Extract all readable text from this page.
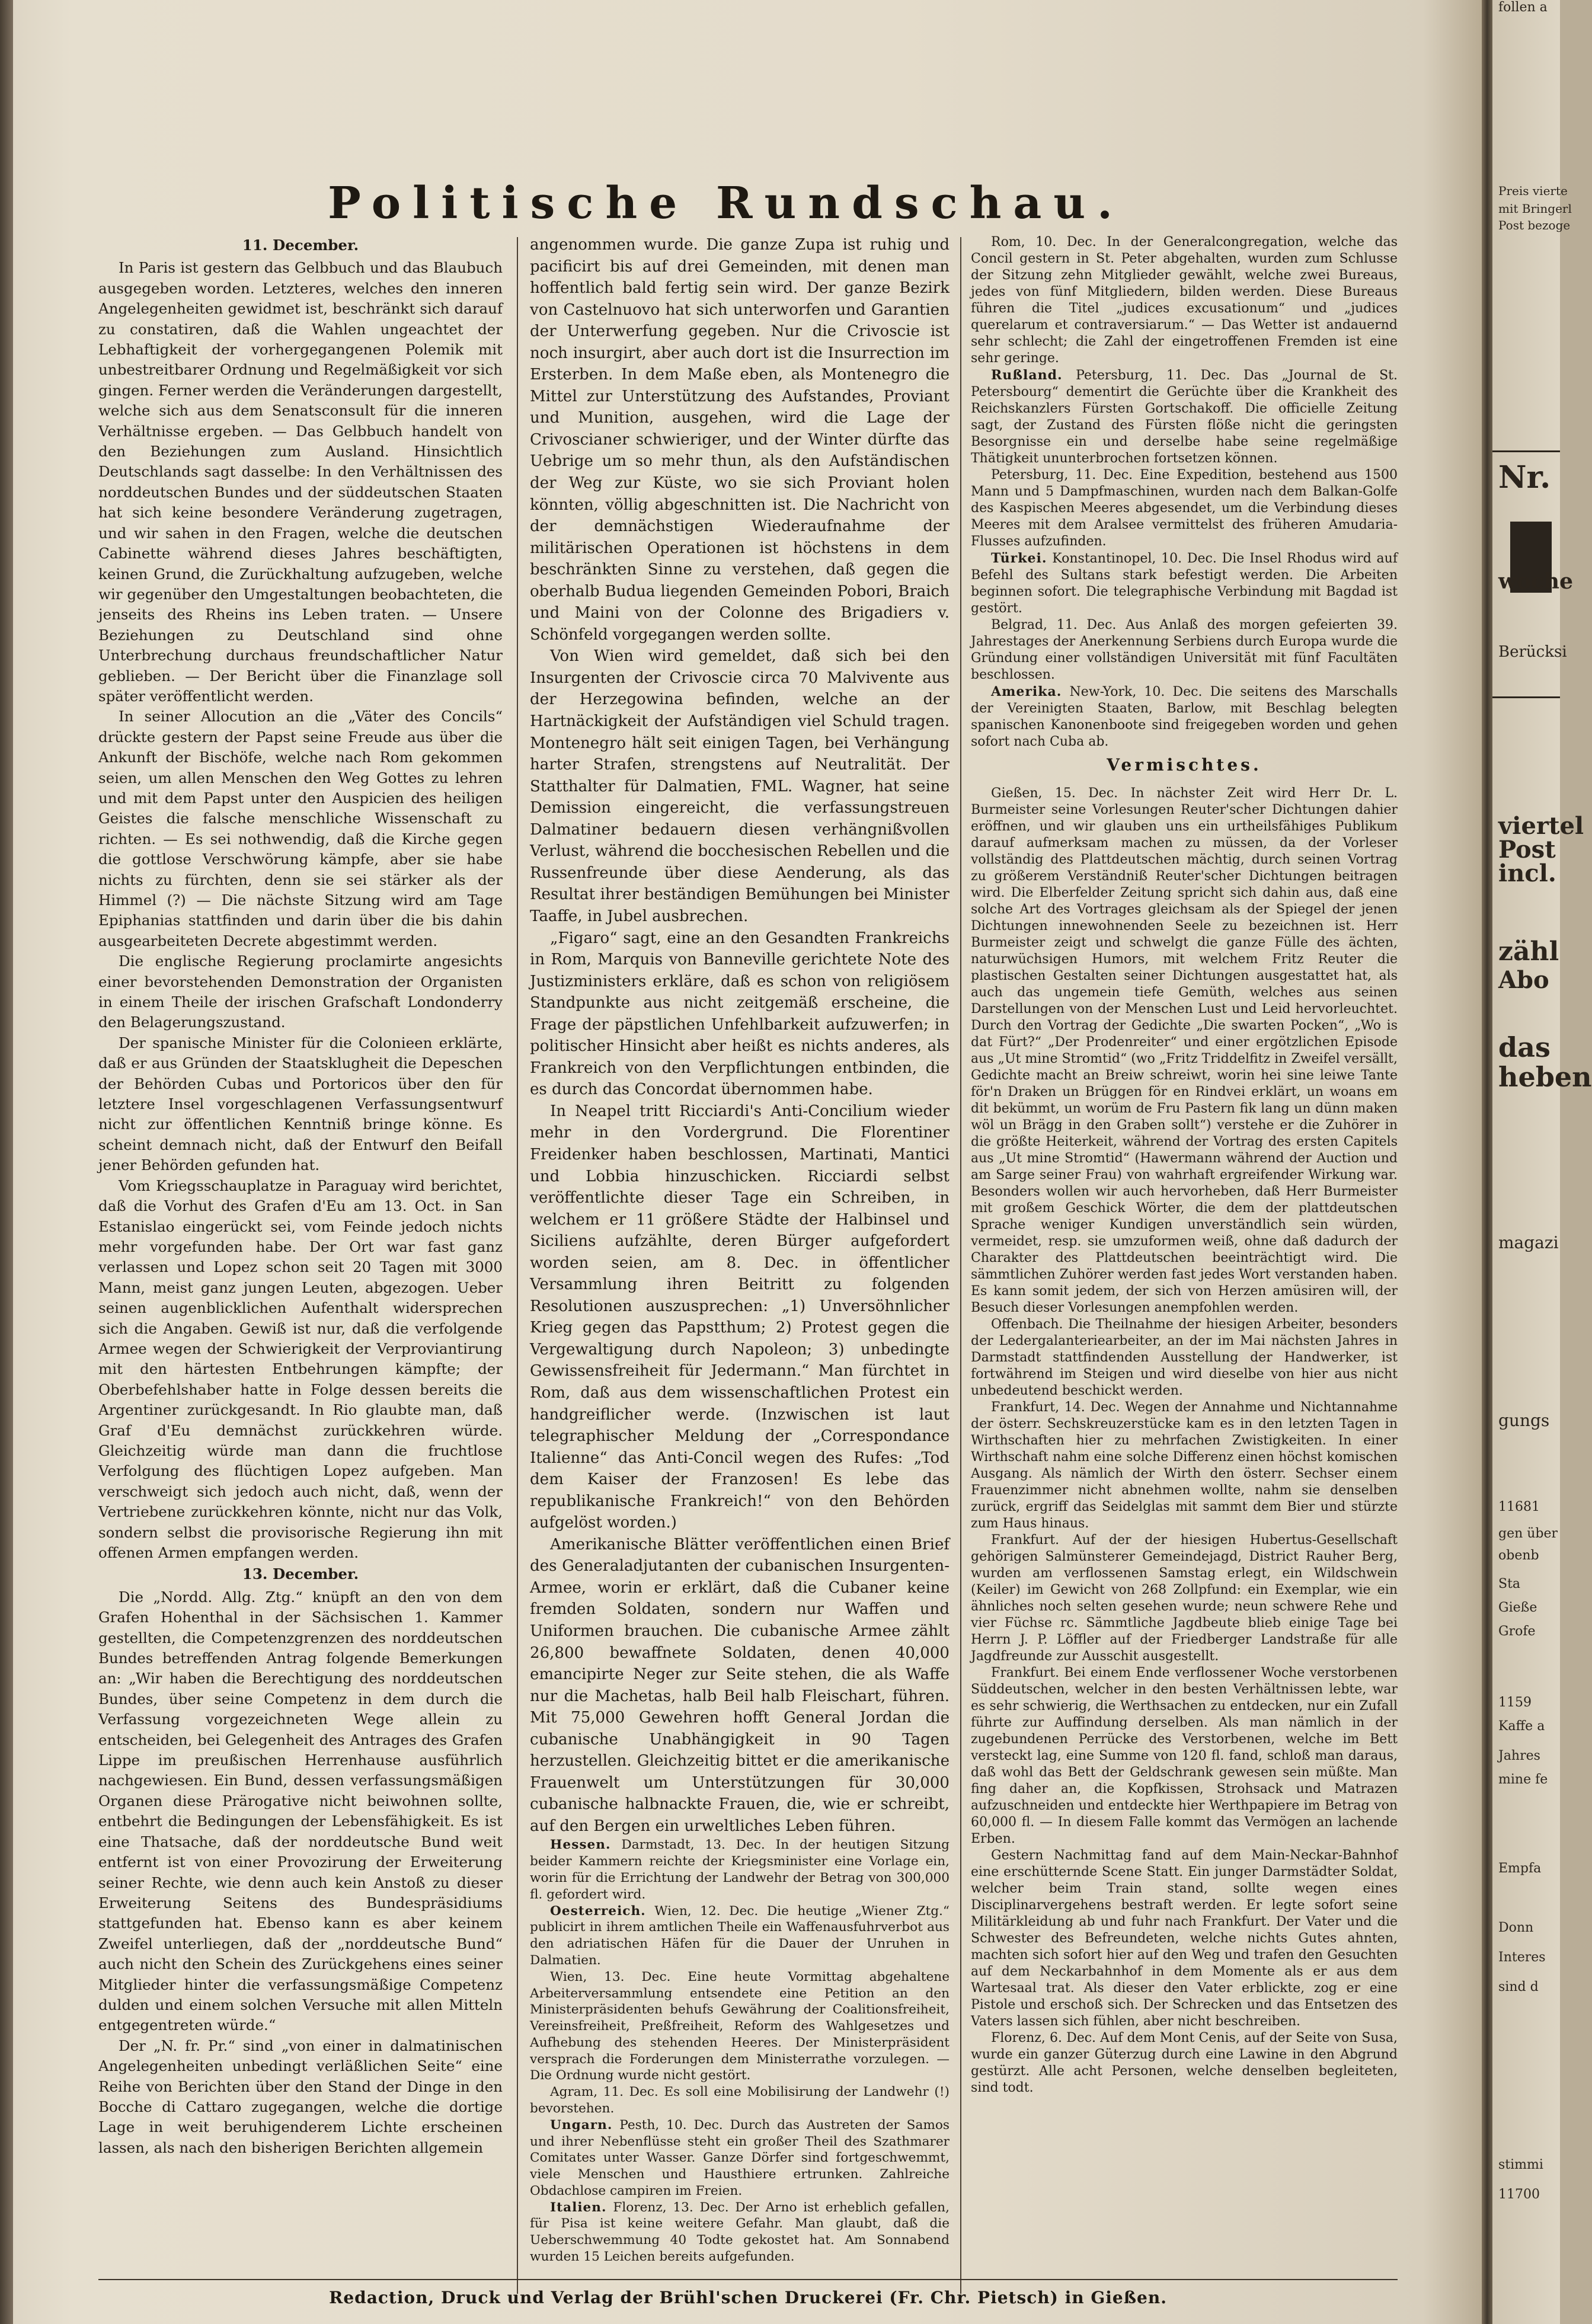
Politische Rundschau.

11. December.

In Paris ist gestern das Gelbbuch und das Blaubuch ausgegeben worden. Letzteres, welches den inneren Angelegenheiten gewidmet ist, beschränkt sich darauf zu constatiren, daß die Wahlen ungeachtet der Lebhaftigkeit der vorhergegangenen Polemik mit unbestreitbarer Ordnung und Regelmäßigkeit vor sich gingen. Ferner werden die Veränderungen dargestellt, welche sich aus dem Senatsconsult für die inneren Verhältnisse ergeben. — Das Gelbbuch handelt von den Beziehungen zum Ausland. Hinsichtlich Deutschlands sagt dasselbe: In den Verhältnissen des norddeutschen Bundes und der süddeutschen Staaten hat sich keine besondere Veränderung zugetragen, und wir sahen in den Fragen, welche die deutschen Cabinette während dieses Jahres beschäftigten, keinen Grund, die Zurückhaltung aufzugeben, welche wir gegenüber den Umgestaltungen beobachteten, die jenseits des Rheins ins Leben traten. — Unsere Beziehungen zu Deutschland sind ohne Unterbrechung durchaus freundschaftlicher Natur geblieben. — Der Bericht über die Finanzlage soll später veröffentlicht werden.

In seiner Allocution an die „Väter des Concils“ drückte gestern der Papst seine Freude aus über die Ankunft der Bischöfe, welche nach Rom gekommen seien, um allen Menschen den Weg Gottes zu lehren und mit dem Papst unter den Auspicien des heiligen Geistes die falsche menschliche Wissenschaft zu richten. — Es sei nothwendig, daß die Kirche gegen die gottlose Verschwörung kämpfe, aber sie habe nichts zu fürchten, denn sie sei stärker als der Himmel (?) — Die nächste Sitzung wird am Tage Epiphanias stattfinden und darin über die bis dahin ausgearbeiteten Decrete abgestimmt werden.

Die englische Regierung proclamirte angesichts einer bevorstehenden Demonstration der Organisten in einem Theile der irischen Grafschaft Londonderry den Belagerungszustand.

Der spanische Minister für die Colonieen erklärte, daß er aus Gründen der Staatsklugheit die Depeschen der Behörden Cubas und Portoricos über den für letztere Insel vorgeschlagenen Verfassungsentwurf nicht zur öffentlichen Kenntniß bringe könne. Es scheint demnach nicht, daß der Entwurf den Beifall jener Behörden gefunden hat.

Vom Kriegsschauplatze in Paraguay wird berichtet, daß die Vorhut des Grafen d'Eu am 13. Oct. in San Estanislao eingerückt sei, vom Feinde jedoch nichts mehr vorgefunden habe. Der Ort war fast ganz verlassen und Lopez schon seit 20 Tagen mit 3000 Mann, meist ganz jungen Leuten, abgezogen. Ueber seinen augenblicklichen Aufenthalt widersprechen sich die Angaben. Gewiß ist nur, daß die verfolgende Armee wegen der Schwierigkeit der Verproviantirung mit den härtesten Entbehrungen kämpfte; der Oberbefehlshaber hatte in Folge dessen bereits die Argentiner zurückgesandt. In Rio glaubte man, daß Graf d'Eu demnächst zurückkehren würde. Gleichzeitig würde man dann die fruchtlose Verfolgung des flüchtigen Lopez aufgeben. Man verschweigt sich jedoch auch nicht, daß, wenn der Vertriebene zurückkehren könnte, nicht nur das Volk, sondern selbst die provisorische Regierung ihn mit offenen Armen empfangen werden.

13. December.

Die „Nordd. Allg. Ztg.“ knüpft an den von dem Grafen Hohenthal in der Sächsischen 1. Kammer gestellten, die Competenzgrenzen des norddeutschen Bundes betreffenden Antrag folgende Bemerkungen an: „Wir haben die Berechtigung des norddeutschen Bundes, über seine Competenz in dem durch die Verfassung vorgezeichneten Wege allein zu entscheiden, bei Gelegenheit des Antrages des Grafen Lippe im preußischen Herrenhause ausführlich nachgewiesen. Ein Bund, dessen verfassungsmäßigen Organen diese Prärogative nicht beiwohnen sollte, entbehrt die Bedingungen der Lebensfähigkeit. Es ist eine Thatsache, daß der norddeutsche Bund weit entfernt ist von einer Provozirung der Erweiterung seiner Rechte, wie denn auch kein Anstoß zu dieser Erweiterung Seitens des Bundespräsidiums stattgefunden hat. Ebenso kann es aber keinem Zweifel unterliegen, daß der „norddeutsche Bund“ auch nicht den Schein des Zurückgehens eines seiner Mitglieder hinter die verfassungsmäßige Competenz dulden und einem solchen Versuche mit allen Mitteln entgegentreten würde.“

Der „N. fr. Pr.“ sind „von einer in dalmatinischen Angelegenheiten unbedingt verläßlichen Seite“ eine Reihe von Berichten über den Stand der Dinge in den Bocche di Cattaro zugegangen, welche die dortige Lage in weit beruhigenderem Lichte erscheinen lassen, als nach den bisherigen Berichten allgemein

angenommen wurde. Die ganze Zupa ist ruhig und pacificirt bis auf drei Gemeinden, mit denen man hoffentlich bald fertig sein wird. Der ganze Bezirk von Castelnuovo hat sich unterworfen und Garantien der Unterwerfung gegeben. Nur die Crivoscie ist noch insurgirt, aber auch dort ist die Insurrection im Ersterben. In dem Maße eben, als Montenegro die Mittel zur Unterstützung des Aufstandes, Proviant und Munition, ausgehen, wird die Lage der Crivoscianer schwieriger, und der Winter dürfte das Uebrige um so mehr thun, als den Aufständischen der Weg zur Küste, wo sie sich Proviant holen könnten, völlig abgeschnitten ist. Die Nachricht von der demnächstigen Wiederaufnahme der militärischen Operationen ist höchstens in dem beschränkten Sinne zu verstehen, daß gegen die oberhalb Budua liegenden Gemeinden Pobori, Braich und Maini von der Colonne des Brigadiers v. Schönfeld vorgegangen werden sollte.

Von Wien wird gemeldet, daß sich bei den Insurgenten der Crivoscie circa 70 Malvivente aus der Herzegowina befinden, welche an der Hartnäckigkeit der Aufständigen viel Schuld tragen. Montenegro hält seit einigen Tagen, bei Verhängung harter Strafen, strengstens auf Neutralität. Der Statthalter für Dalmatien, FML. Wagner, hat seine Demission eingereicht, die verfassungstreuen Dalmatiner bedauern diesen verhängnißvollen Verlust, während die bocchesischen Rebellen und die Russenfreunde über diese Aenderung, als das Resultat ihrer beständigen Bemühungen bei Minister Taaffe, in Jubel ausbrechen.

„Figaro“ sagt, eine an den Gesandten Frankreichs in Rom, Marquis von Banneville gerichtete Note des Justizministers erkläre, daß es schon von religiösem Standpunkte aus nicht zeitgemäß erscheine, die Frage der päpstlichen Unfehlbarkeit aufzuwerfen; in politischer Hinsicht aber heißt es nichts anderes, als Frankreich von den Verpflichtungen entbinden, die es durch das Concordat übernommen habe.

In Neapel tritt Ricciardi's Anti-Concilium wieder mehr in den Vordergrund. Die Florentiner Freidenker haben beschlossen, Martinati, Mantici und Lobbia hinzuschicken. Ricciardi selbst veröffentlichte dieser Tage ein Schreiben, in welchem er 11 größere Städte der Halbinsel und Siciliens aufzählte, deren Bürger aufgefordert worden seien, am 8. Dec. in öffentlicher Versammlung ihren Beitritt zu folgenden Resolutionen auszusprechen: „1) Unversöhnlicher Krieg gegen das Papstthum; 2) Protest gegen die Vergewaltigung durch Napoleon; 3) unbedingte Gewissensfreiheit für Jedermann.“ Man fürchtet in Rom, daß aus dem wissenschaftlichen Protest ein handgreiflicher werde. (Inzwischen ist laut telegraphischer Meldung der „Correspondance Italienne“ das Anti-Concil wegen des Rufes: „Tod dem Kaiser der Franzosen! Es lebe das republikanische Frankreich!“ von den Behörden aufgelöst worden.)

Amerikanische Blätter veröffentlichen einen Brief des Generaladjutanten der cubanischen Insurgenten-Armee, worin er erklärt, daß die Cubaner keine fremden Soldaten, sondern nur Waffen und Uniformen brauchen. Die cubanische Armee zählt 26,800 bewaffnete Soldaten, denen 40,000 emancipirte Neger zur Seite stehen, die als Waffe nur die Machetas, halb Beil halb Fleischart, führen. Mit 75,000 Gewehren hofft General Jordan die cubanische Unabhängigkeit in 90 Tagen herzustellen. Gleichzeitig bittet er die amerikanische Frauenwelt um Unterstützungen für 30,000 cubanische halbnackte Frauen, die, wie er schreibt, auf den Bergen ein urweltliches Leben führen.

Hessen. Darmstadt, 13. Dec. In der heutigen Sitzung beider Kammern reichte der Kriegsminister eine Vorlage ein, worin für die Errichtung der Landwehr der Betrag von 300,000 fl. gefordert wird.

Oesterreich. Wien, 12. Dec. Die heutige „Wiener Ztg.“ publicirt in ihrem amtlichen Theile ein Waffenausfuhrverbot aus den adriatischen Häfen für die Dauer der Unruhen in Dalmatien.

Wien, 13. Dec. Eine heute Vormittag abgehaltene Arbeiterversammlung entsendete eine Petition an den Ministerpräsidenten behufs Gewährung der Coalitionsfreiheit, Vereinsfreiheit, Preßfreiheit, Reform des Wahlgesetzes und Aufhebung des stehenden Heeres. Der Ministerpräsident versprach die Forderungen dem Ministerrathe vorzulegen. — Die Ordnung wurde nicht gestört.

Agram, 11. Dec. Es soll eine Mobilisirung der Landwehr (!) bevorstehen.

Ungarn. Pesth, 10. Dec. Durch das Austreten der Samos und ihrer Nebenflüsse steht ein großer Theil des Szathmarer Comitates unter Wasser. Ganze Dörfer sind fortgeschwemmt, viele Menschen und Hausthiere ertrunken. Zahlreiche Obdachlose campiren im Freien.

Italien. Florenz, 13. Dec. Der Arno ist erheblich gefallen, für Pisa ist keine weitere Gefahr. Man glaubt, daß die Ueberschwemmung 40 Todte gekostet hat. Am Sonnabend wurden 15 Leichen bereits aufgefunden.

Rom, 10. Dec. In der Generalcongregation, welche das Concil gestern in St. Peter abgehalten, wurden zum Schlusse der Sitzung zehn Mitglieder gewählt, welche zwei Bureaus, jedes von fünf Mitgliedern, bilden werden. Diese Bureaus führen die Titel „judices excusationum“ und „judices querelarum et contraversiarum.“ — Das Wetter ist andauernd sehr schlecht; die Zahl der eingetroffenen Fremden ist eine sehr geringe.

Rußland. Petersburg, 11. Dec. Das „Journal de St. Petersbourg“ dementirt die Gerüchte über die Krankheit des Reichskanzlers Fürsten Gortschakoff. Die officielle Zeitung sagt, der Zustand des Fürsten flöße nicht die geringsten Besorgnisse ein und derselbe habe seine regelmäßige Thätigkeit ununterbrochen fortsetzen können.

Petersburg, 11. Dec. Eine Expedition, bestehend aus 1500 Mann und 5 Dampfmaschinen, wurden nach dem Balkan-Golfe des Kaspischen Meeres abgesendet, um die Verbindung dieses Meeres mit dem Aralsee vermittelst des früheren Amudaria-Flusses aufzufinden.

Türkei. Konstantinopel, 10. Dec. Die Insel Rhodus wird auf Befehl des Sultans stark befestigt werden. Die Arbeiten beginnen sofort. Die telegraphische Verbindung mit Bagdad ist gestört.

Belgrad, 11. Dec. Aus Anlaß des morgen gefeierten 39. Jahrestages der Anerkennung Serbiens durch Europa wurde die Gründung einer vollständigen Universität mit fünf Facultäten beschlossen.

Amerika. New-York, 10. Dec. Die seitens des Marschalls der Vereinigten Staaten, Barlow, mit Beschlag belegten spanischen Kanonenboote sind freigegeben worden und gehen sofort nach Cuba ab.

Vermischtes.

Gießen, 15. Dec. In nächster Zeit wird Herr Dr. L. Burmeister seine Vorlesungen Reuter'scher Dichtungen dahier eröffnen, und wir glauben uns ein urtheilsfähiges Publikum darauf aufmerksam machen zu müssen, da der Vorleser vollständig des Plattdeutschen mächtig, durch seinen Vortrag zu größerem Verständniß Reuter'scher Dichtungen beitragen wird. Die Elberfelder Zeitung spricht sich dahin aus, daß eine solche Art des Vortrages gleichsam als der Spiegel der jenen Dichtungen innewohnenden Seele zu bezeichnen ist. Herr Burmeister zeigt und schwelgt die ganze Fülle des ächten, naturwüchsigen Humors, mit welchem Fritz Reuter die plastischen Gestalten seiner Dichtungen ausgestattet hat, als auch das ungemein tiefe Gemüth, welches aus seinen Darstellungen von der Menschen Lust und Leid hervorleuchtet. Durch den Vortrag der Gedichte „Die swarten Pocken“, „Wo is dat Fürt?“ „Der Prodenreiter“ und einer ergötzlichen Episode aus „Ut mine Stromtid“ (wo „Fritz Triddelfitz in Zweifel versällt, Gedichte macht an Breiw schreiwt, worin hei sine leiwe Tante för'n Draken un Brüggen för en Rindvei erklärt, un woans em dit bekümmt, un worüm de Fru Pastern fik lang un dünn maken wöl un Brägg in den Graben sollt“) verstehe er die Zuhörer in die größte Heiterkeit, während der Vortrag des ersten Capitels aus „Ut mine Stromtid“ (Hawermann während der Auction und am Sarge seiner Frau) von wahrhaft ergreifender Wirkung war. Besonders wollen wir auch hervorheben, daß Herr Burmeister mit großem Geschick Wörter, die dem der plattdeutschen Sprache weniger Kundigen unverständlich sein würden, vermeidet, resp. sie umzuformen weiß, ohne daß dadurch der Charakter des Plattdeutschen beeinträchtigt wird. Die sämmtlichen Zuhörer werden fast jedes Wort verstanden haben. Es kann somit jedem, der sich von Herzen amüsiren will, der Besuch dieser Vorlesungen anempfohlen werden.

Offenbach. Die Theilnahme der hiesigen Arbeiter, besonders der Ledergalanteriearbeiter, an der im Mai nächsten Jahres in Darmstadt stattfindenden Ausstellung der Handwerker, ist fortwährend im Steigen und wird dieselbe von hier aus nicht unbedeutend beschickt werden.

Frankfurt, 14. Dec. Wegen der Annahme und Nichtannahme der österr. Sechskreuzerstücke kam es in den letzten Tagen in Wirthschaften hier zu mehrfachen Zwistigkeiten. In einer Wirthschaft nahm eine solche Differenz einen höchst komischen Ausgang. Als nämlich der Wirth den österr. Sechser einem Frauenzimmer nicht abnehmen wollte, nahm sie denselben zurück, ergriff das Seidelglas mit sammt dem Bier und stürzte zum Haus hinaus.

Frankfurt. Auf der der hiesigen Hubertus-Gesellschaft gehörigen Salmünsterer Gemeindejagd, District Rauher Berg, wurden am verflossenen Samstag erlegt, ein Wildschwein (Keiler) im Gewicht von 268 Zollpfund: ein Exemplar, wie ein ähnliches noch selten gesehen wurde; neun schwere Rehe und vier Füchse rc. Sämmtliche Jagdbeute blieb einige Tage bei Herrn J. P. Löffler auf der Friedberger Landstraße für alle Jagdfreunde zur Ausschit ausgestellt.

Frankfurt. Bei einem Ende verflossener Woche verstorbenen Süddeutschen, welcher in den besten Verhältnissen lebte, war es sehr schwierig, die Werthsachen zu entdecken, nur ein Zufall führte zur Auffindung derselben. Als man nämlich in der zugebundenen Perrücke des Verstorbenen, welche im Bett versteckt lag, eine Summe von 120 fl. fand, schloß man daraus, daß wohl das Bett der Geldschrank gewesen sein müßte. Man fing daher an, die Kopfkissen, Strohsack und Matrazen aufzuschneiden und entdeckte hier Werthpapiere im Betrag von 60,000 fl. — In diesem Falle kommt das Vermögen an lachende Erben.

Gestern Nachmittag fand auf dem Main-Neckar-Bahnhof eine erschütternde Scene Statt. Ein junger Darmstädter Soldat, welcher beim Train stand, sollte wegen eines Disciplinarvergehens bestraft werden. Er legte sofort seine Militärkleidung ab und fuhr nach Frankfurt. Der Vater und die Schwester des Befreundeten, welche nichts Gutes ahnten, machten sich sofort hier auf den Weg und trafen den Gesuchten auf dem Neckarbahnhof in dem Momente als er aus dem Wartesaal trat. Als dieser den Vater erblickte, zog er eine Pistole und erschoß sich. Der Schrecken und das Entsetzen des Vaters lassen sich fühlen, aber nicht beschreiben.

Florenz, 6. Dec. Auf dem Mont Cenis, auf der Seite von Susa, wurde ein ganzer Güterzug durch eine Lawine in den Abgrund gestürzt. Alle acht Personen, welche denselben begleiteten, sind todt.

Redaction, Druck und Verlag der Brühl'schen Druckerei (Fr. Chr. Pietsch) in Gießen.
Preis vierte
mit Bringerl
Post bezoge
Nr.
woche
Berücksi
viertel
Post
incl.
zähl
Abo
das
heben
magazi
gungs
11681
gen über
obenb
Sta
Gieße
Grofe
1159
Kaffe a
Jahres
mine fe
Empfa
Donn
Interes
sind d
stimmi
11700
follen a
